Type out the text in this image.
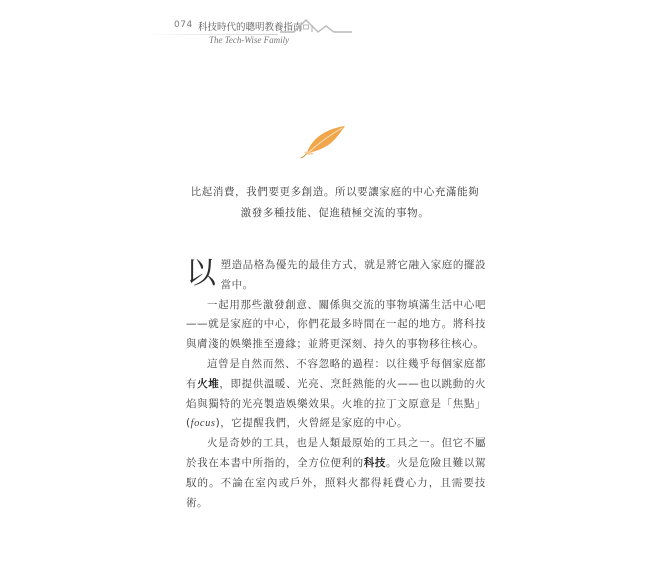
074 科技時代的聰明教養指南
The Tech-Wise Family
比起消費，我們要更多創造。所以要讓家庭的中心充滿能夠
激發多種技能、促進積極交流的事物。

以塑造品格為優先的最佳方式，就是將它融入家庭的擺設當中。

一起用那些激發創意、關係與交流的事物填滿生活中心吧——就是家庭的中心，你們花最多時間在一起的地方。將科技與膚淺的娛樂推至邊緣；並將更深刻、持久的事物移往核心。

這曾是自然而然、不容忽略的過程：以往幾乎每個家庭都有火堆，即提供溫暖、光亮、烹飪熱能的火——也以跳動的火焰與獨特的光亮製造娛樂效果。火堆的拉丁文原意是「焦點」(focus)，它提醒我們，火曾經是家庭的中心。

火是奇妙的工具，也是人類最原始的工具之一。但它不屬於我在本書中所指的，全方位便利的科技。火是危險且難以駕馭的。不論在室內或戶外，照料火都得耗費心力，且需要技術。
